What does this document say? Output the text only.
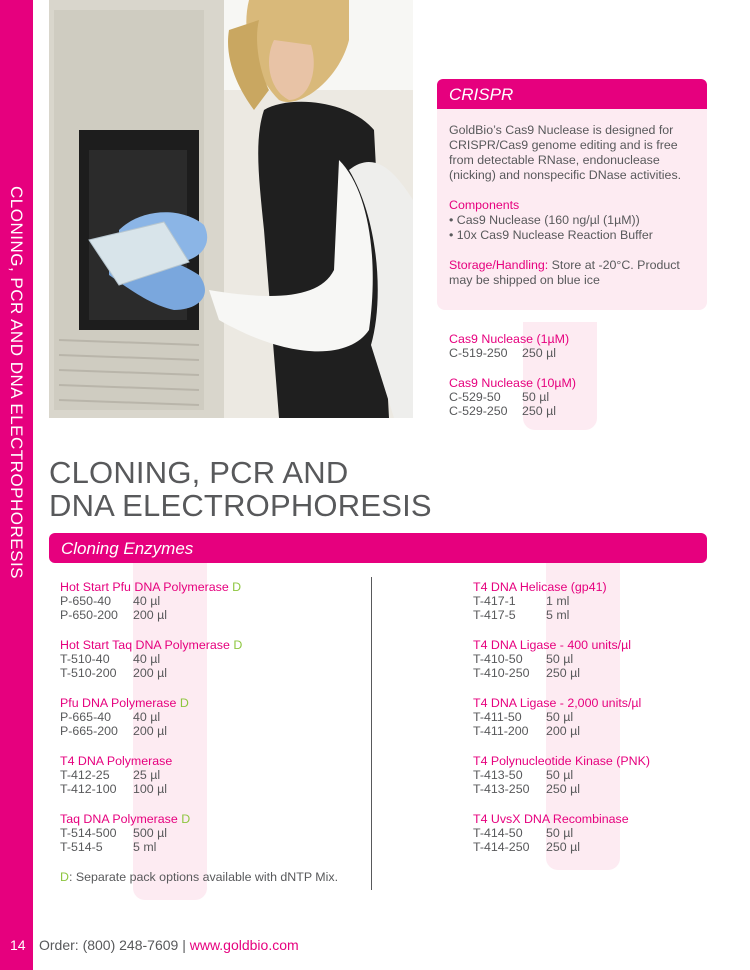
CLONING, PCR AND DNA ELECTROPHORESIS
CRISPR

GoldBio’s Cas9 Nuclease is designed for CRISPR/Cas9 genome editing and is free from detectable RNase, endonuclease (nicking) and nonspecific DNase activities.

Components
• Cas9 Nuclease (160 ng/µl (1µM))
• 10x Cas9 Nuclease Reaction Buffer
Storage/Handling: Store at -20°C. Product may be shipped on blue ice
Cas9 Nuclease (1µM)
C-519-250	250 µl
Cas9 Nuclease (10µM)
C-529-50	50 µl
C-529-250	250 µl
CLONING, PCR AND
DNA ELECTROPHORESIS
Cloning Enzymes
Hot Start Pfu DNA Polymerase D
P-650-40	40 µl
P-650-200	200 µl
Hot Start Taq DNA Polymerase D
T-510-40	40 µl
T-510-200	200 µl
Pfu DNA Polymerase D
P-665-40	40 µl
P-665-200	200 µl
T4 DNA Polymerase
T-412-25	25 µl
T-412-100	100 µl
Taq DNA Polymerase D
T-514-500	500 µl
T-514-5	5 ml
D: Separate pack options available with dNTP Mix.
T4 DNA Helicase (gp41)
T-417-1	1 ml
T-417-5	5 ml
T4 DNA Ligase - 400 units/µl
T-410-50	50 µl
T-410-250	250 µl
T4 DNA Ligase - 2,000 units/µl
T-411-50	50 µl
T-411-200	200 µl
T4 Polynucleotide Kinase (PNK)
T-413-50	50 µl
T-413-250	250 µl
T4 UvsX DNA Recombinase
T-414-50	50 µl
T-414-250	250 µl
14 Order: (800) 248-7609 | www.goldbio.com
